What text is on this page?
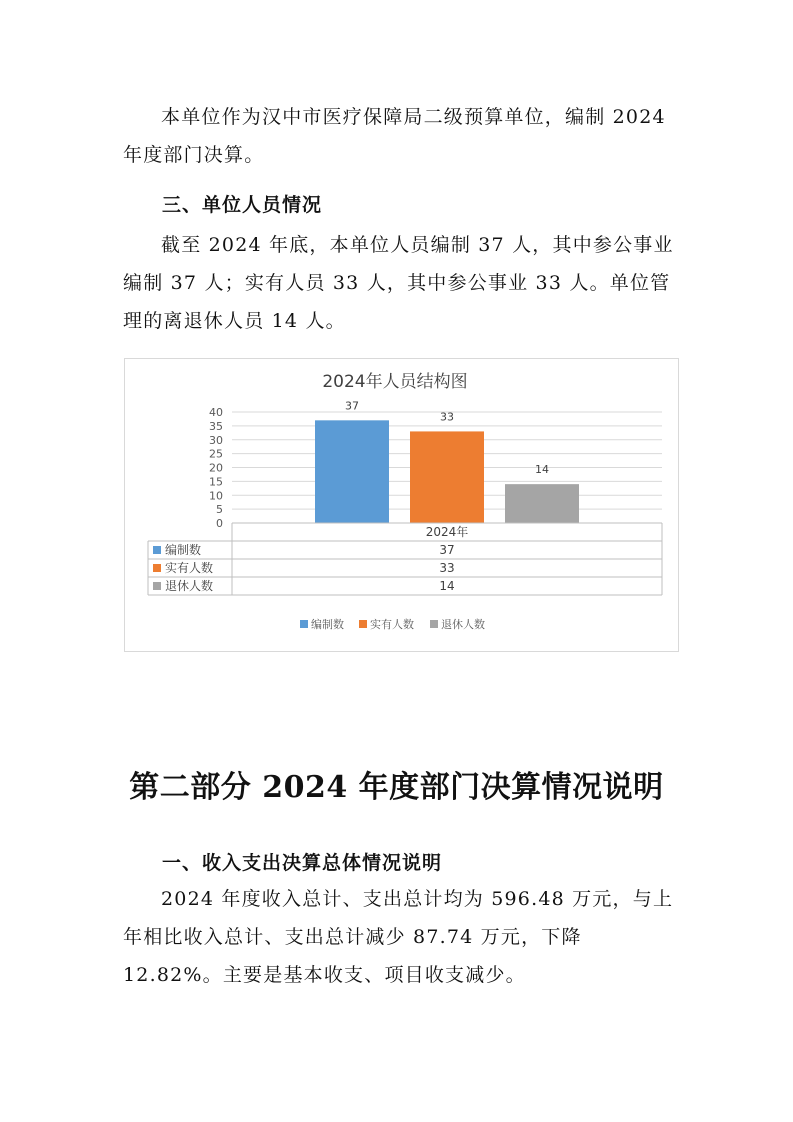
本单位作为汉中市医疗保障局二级预算单位，编制 2024 年度部门决算。

三、单位人员情况

截至 2024 年底，本单位人员编制 37 人，其中参公事业编制 37 人；实有人员 33 人，其中参公事业 33 人。单位管理的离退休人员 14 人。

2024年人员结构图
0
5
10
15
20
25
30
35
40
37
33
14
2024年
编制数	37
实有人数	33
退休人数	14
编制数 实有人数 退休人数

第二部分 2024 年度部门决算情况说明

一、收入支出决算总体情况说明

2024 年度收入总计、支出总计均为 596.48 万元，与上年相比收入总计、支出总计减少 87.74 万元，下降 12.82%。主要是基本收支、项目收支减少。
